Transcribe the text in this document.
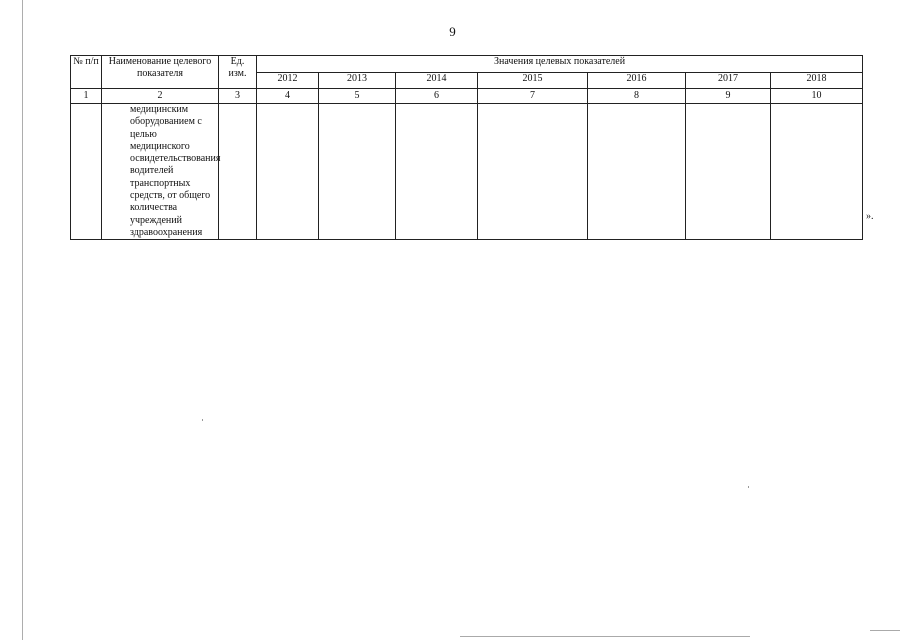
9
№ п/п	Наименование целевого показателя	Ед. изм.	Значения целевых показателей						
			2012	2013	2014	2015	2016	2017	2018
1	2	3	4	5	6	7	8	9	10
	медицинским оборудованием с целью медицинского освидетельствования водителей транспортных средств, от общего количества учреждений здравоохранения								
».
